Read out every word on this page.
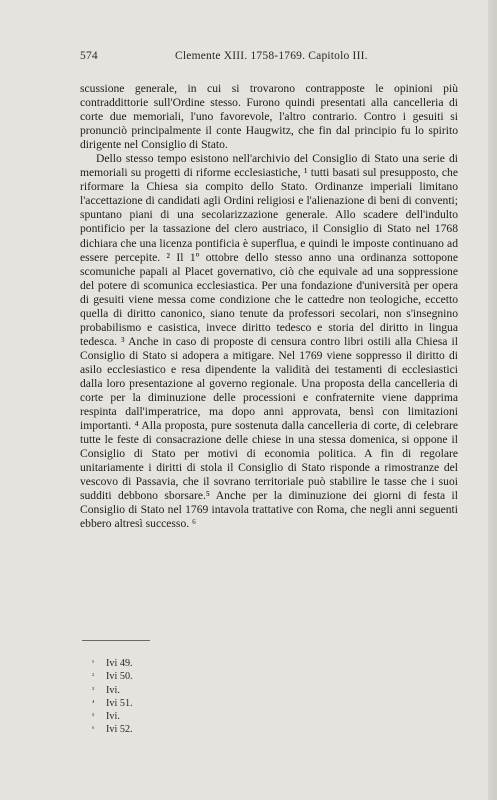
574	Clemente XIII. 1758-1769. Capitolo III.

scussione generale, in cui si trovarono contrapposte le opinioni più contraddittorie sull'Ordine stesso. Furono quindi presentati alla cancelleria di corte due memoriali, l'uno favorevole, l'altro contrario. Contro i gesuiti si pronunciò principalmente il conte Haugwitz, che fin dal principio fu lo spirito dirigente nel Consiglio di Stato.

Dello stesso tempo esistono nell'archivio del Consiglio di Stato una serie di memoriali su progetti di riforme ecclesiastiche, ¹ tutti basati sul presupposto, che riformare la Chiesa sia compito dello Stato. Ordinanze imperiali limitano l'accettazione di candidati agli Ordini religiosi e l'alienazione di beni di conventi; spuntano piani di una secolarizzazione generale. Allo scadere dell'indulto pontificio per la tassazione del clero austriaco, il Consiglio di Stato nel 1768 dichiara che una licenza pontificia è superflua, e quindi le imposte continuano ad essere percepite. ² Il 1º ottobre dello stesso anno una ordinanza sottopone scomuniche papali al Placet governativo, ciò che equivale ad una soppressione del potere di scomunica ecclesiastica. Per una fondazione d'università per opera di gesuiti viene messa come condizione che le cattedre non teologiche, eccetto quella di diritto canonico, siano tenute da professori secolari, non s'insegnino probabilismo e casistica, invece diritto tedesco e storia del diritto in lingua tedesca. ³ Anche in caso di proposte di censura contro libri ostili alla Chiesa il Consiglio di Stato si adopera a mitigare. Nel 1769 viene soppresso il diritto di asilo ecclesiastico e resa dipendente la validità dei testamenti di ecclesiastici dalla loro presentazione al governo regionale. Una proposta della cancelleria di corte per la diminuzione delle processioni e confraternite viene dapprima respinta dall'imperatrice, ma dopo anni approvata, bensì con limitazioni importanti. ⁴ Alla proposta, pure sostenuta dalla cancelleria di corte, di celebrare tutte le feste di consacrazione delle chiese in una stessa domenica, si oppone il Consiglio di Stato per motivi di economia politica. A fin di regolare unitariamente i diritti di stola il Consiglio di Stato risponde a rimostranze del vescovo di Passavia, che il sovrano territoriale può stabilire le tasse che i suoi sudditi debbono sborsare.⁵ Anche per la diminuzione dei giorni di festa il Consiglio di Stato nel 1769 intavola trattative con Roma, che negli anni seguenti ebbero altresì successo. ⁶

¹ Ivi 49.
² Ivi 50.
³ Ivi.
⁴ Ivi 51.
⁵ Ivi.
⁶ Ivi 52.
